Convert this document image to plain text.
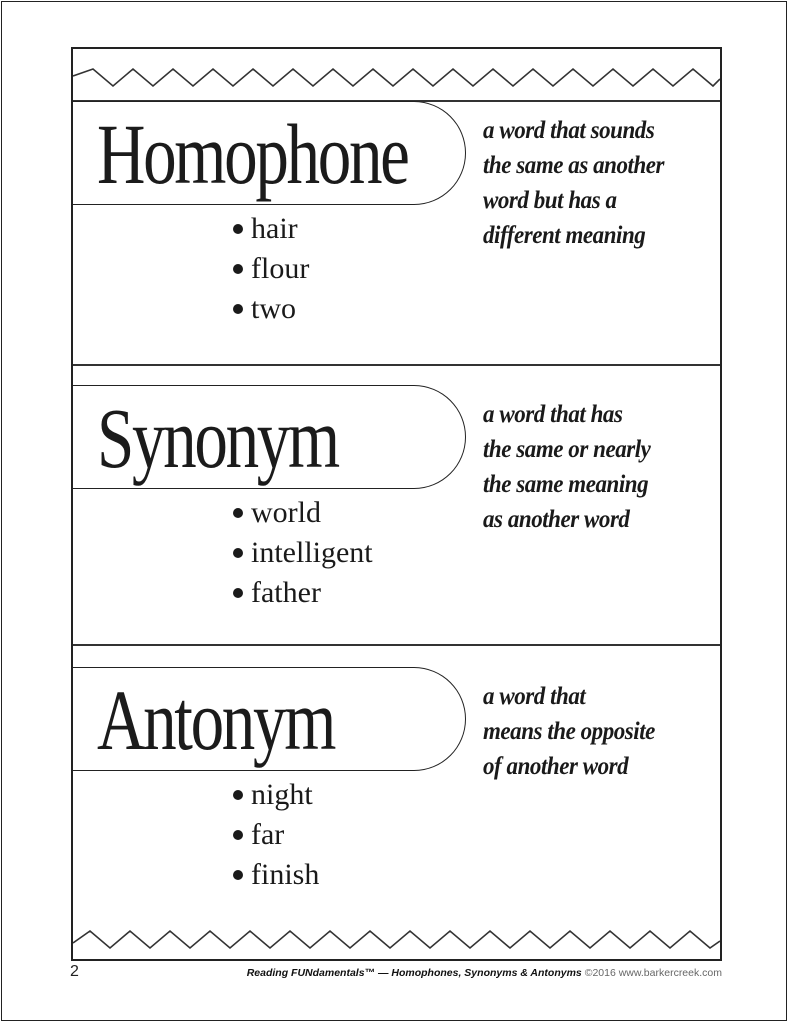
Homophone	a word that sounds
the same as another
word but has a
different meaning
hair
flour
two
Synonym	a word that has
the same or nearly
the same meaning
as another word
world
intelligent
father
Antonym	a word that
means the opposite
of another word
night
far
finish
2	Reading FUNdamentals™ — Homophones, Synonyms & Antonyms ©2016 www.barkercreek.com
